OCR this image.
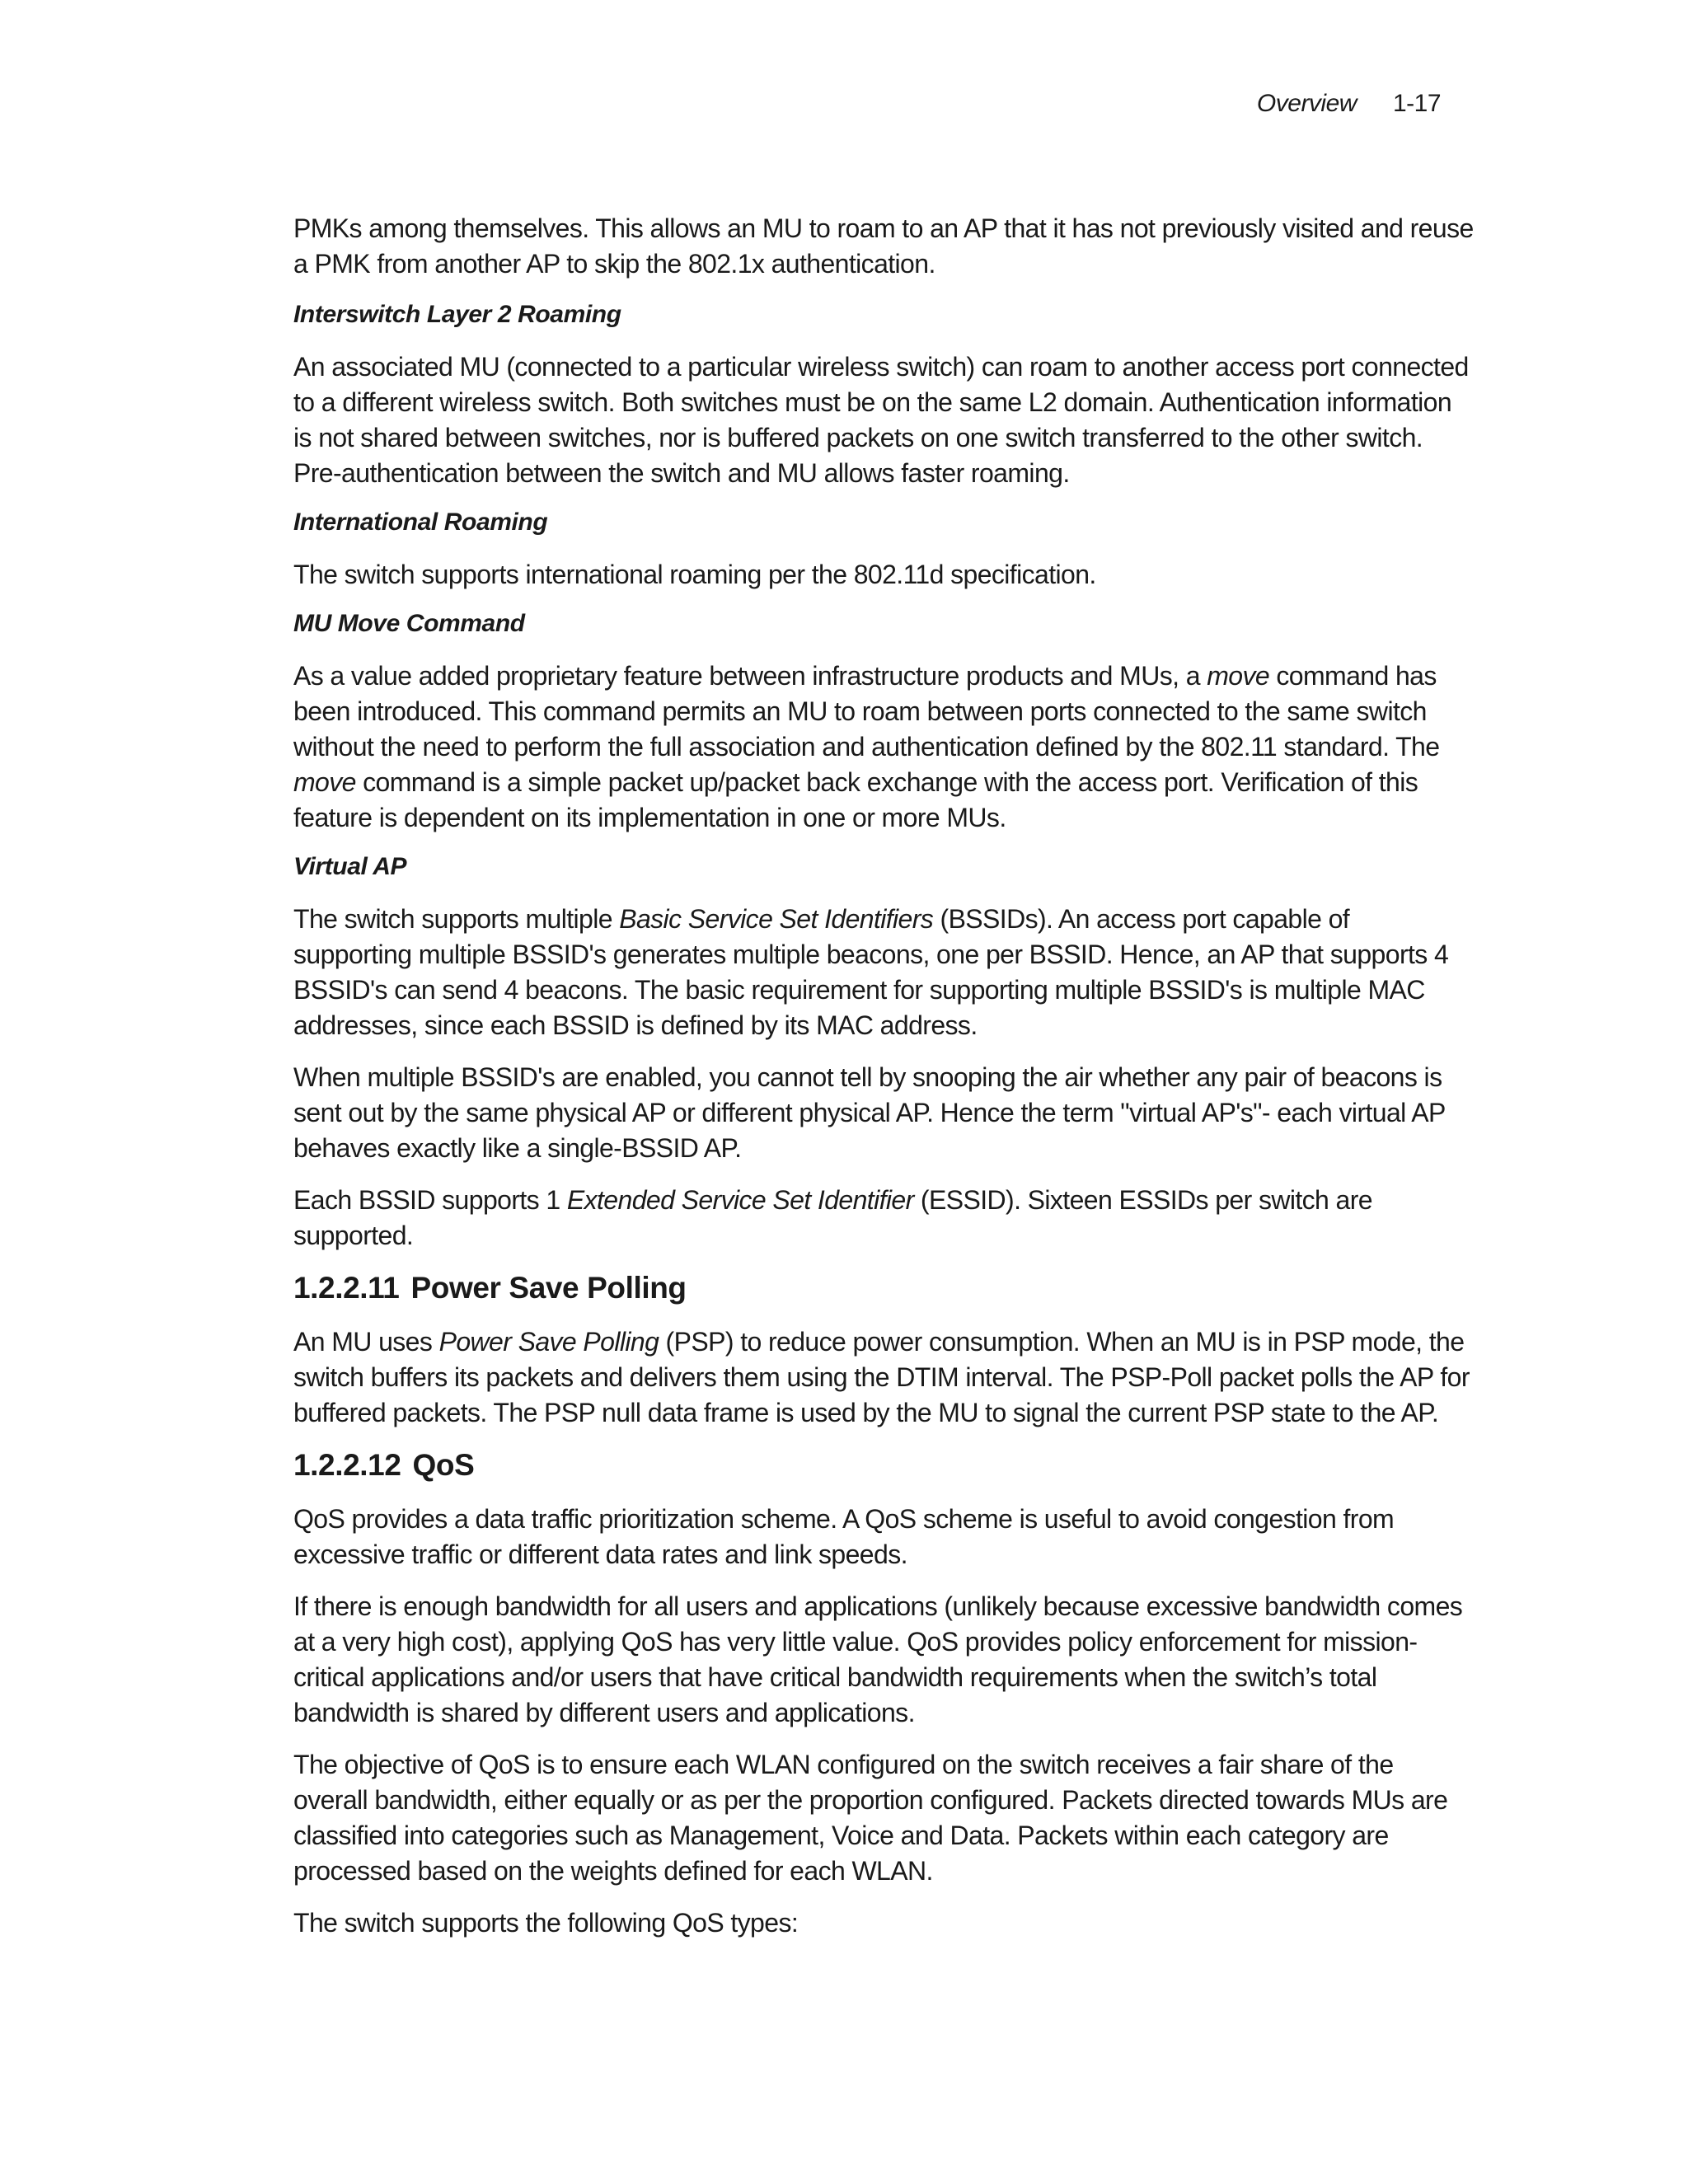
Overview 1-17

PMKs among themselves. This allows an MU to roam to an AP that it has not previously visited and reuse a PMK from another AP to skip the 802.1x authentication.

Interswitch Layer 2 Roaming

An associated MU (connected to a particular wireless switch) can roam to another access port connected to a different wireless switch. Both switches must be on the same L2 domain. Authentication information is not shared between switches, nor is buffered packets on one switch transferred to the other switch.
Pre-authentication between the switch and MU allows faster roaming.

International Roaming

The switch supports international roaming per the 802.11d specification.

MU Move Command

As a value added proprietary feature between infrastructure products and MUs, a move command has been introduced. This command permits an MU to roam between ports connected to the same switch without the need to perform the full association and authentication defined by the 802.11 standard. The move command is a simple packet up/packet back exchange with the access port. Verification of this feature is dependent on its implementation in one or more MUs.

Virtual AP

The switch supports multiple Basic Service Set Identifiers (BSSIDs). An access port capable of supporting multiple BSSID's generates multiple beacons, one per BSSID. Hence, an AP that supports 4 BSSID's can send 4 beacons. The basic requirement for supporting multiple BSSID's is multiple MAC addresses, since each BSSID is defined by its MAC address.

When multiple BSSID's are enabled, you cannot tell by snooping the air whether any pair of beacons is sent out by the same physical AP or different physical AP. Hence the term "virtual AP's"- each virtual AP behaves exactly like a single-BSSID AP.

Each BSSID supports 1 Extended Service Set Identifier (ESSID). Sixteen ESSIDs per switch are supported.

1.2.2.11 Power Save Polling

An MU uses Power Save Polling (PSP) to reduce power consumption. When an MU is in PSP mode, the switch buffers its packets and delivers them using the DTIM interval. The PSP-Poll packet polls the AP for buffered packets. The PSP null data frame is used by the MU to signal the current PSP state to the AP.

1.2.2.12 QoS

QoS provides a data traffic prioritization scheme. A QoS scheme is useful to avoid congestion from excessive traffic or different data rates and link speeds.

If there is enough bandwidth for all users and applications (unlikely because excessive bandwidth comes at a very high cost), applying QoS has very little value. QoS provides policy enforcement for mission-critical applications and/or users that have critical bandwidth requirements when the switch’s total bandwidth is shared by different users and applications.

The objective of QoS is to ensure each WLAN configured on the switch receives a fair share of the overall bandwidth, either equally or as per the proportion configured. Packets directed towards MUs are classified into categories such as Management, Voice and Data. Packets within each category are processed based on the weights defined for each WLAN.

The switch supports the following QoS types:
